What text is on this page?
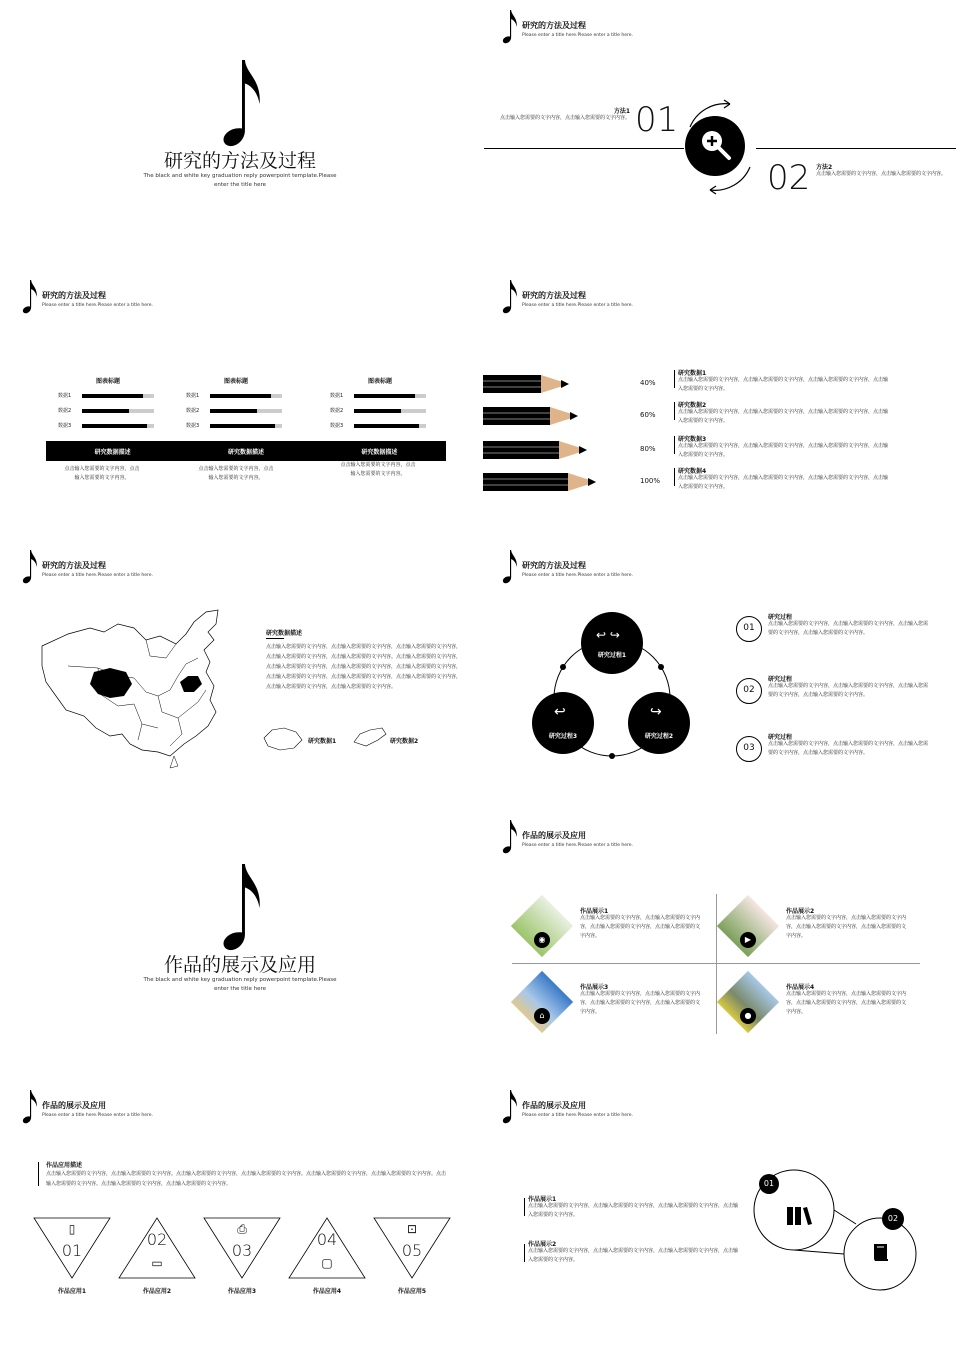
研究的方法及过程
The black and white key graduation reply powerpoint template.Please enter the title here
研究的方法及过程
Please enter a title here.Please enter a title here.
01
方法1
点击输入您需要的文字内容，点击输入您需要的文字内容。
02 方法2
点击输入您需要的文字内容，点击输入您需要的文字内容。
研究的方法及过程
Please enter a title here.Please enter a title here.
图表标题
数据1
数据2
数据3
图表标题
数据1
数据2
数据3
图表标题
数据1
数据2
数据3
研究数据描述	研究数据描述	研究数据描述
点击输入您需要的文字内容，点击输入您需要的文字内容。
点击输入您需要的文字内容，点击输入您需要的文字内容。
点击输入您需要的文字内容，点击输入您需要的文字内容。
研究的方法及过程
Please enter a title here.Please enter a title here.
40%
研究数据1
点击输入您需要的文字内容，点击输入您需要的文字内容，点击输入您需要的文字内容，点击输入您需要的文字内容。
60%
研究数据2
点击输入您需要的文字内容，点击输入您需要的文字内容，点击输入您需要的文字内容，点击输入您需要的文字内容。
80%
研究数据3
点击输入您需要的文字内容，点击输入您需要的文字内容，点击输入您需要的文字内容，点击输入您需要的文字内容。
100%
研究数据4
点击输入您需要的文字内容，点击输入您需要的文字内容，点击输入您需要的文字内容，点击输入您需要的文字内容。
研究的方法及过程
Please enter a title here.Please enter a title here.
研究数据描述
点击输入您需要的文字内容，点击输入您需要的文字内容，点击输入您需要的文字内容，点击输入您需要的文字内容，点击输入您需要的文字内容。点击输入您需要的文字内容，点击输入您需要的文字内容，点击输入您需要的文字内容，点击输入您需要的文字内容，点击输入您需要的文字内容，点击输入您需要的文字内容，点击输入您需要的文字内容，点击输入您需要的文字内容，点击输入您需要的文字内容。
研究数据1	研究数据2
研究的方法及过程
Please enter a title here.Please enter a title here.
↩ ↪
研究过程1
↪
研究过程2
↩
研究过程3
01
研究过程
点击输入您需要的文字内容，点击输入您需要的文字内容，点击输入您需要的文字内容，点击输入您需要的文字内容。
02
研究过程
点击输入您需要的文字内容，点击输入您需要的文字内容，点击输入您需要的文字内容，点击输入您需要的文字内容。
03
研究过程
点击输入您需要的文字内容，点击输入您需要的文字内容，点击输入您需要的文字内容，点击输入您需要的文字内容。
作品的展示及应用
The black and white key graduation reply powerpoint template.Please enter the title here
作品的展示及应用
Please enter a title here.Please enter a title here.
◉
作品展示1
点击输入您需要的文字内容，点击输入您需要的文字内容，点击输入您需要的文字内容，点击输入您需要的文字内容。	▶
作品展示2
点击输入您需要的文字内容，点击输入您需要的文字内容，点击输入您需要的文字内容，点击输入您需要的文字内容。
⌂
作品展示3
点击输入您需要的文字内容，点击输入您需要的文字内容，点击输入您需要的文字内容，点击输入您需要的文字内容。	●
作品展示4
点击输入您需要的文字内容，点击输入您需要的文字内容，点击输入您需要的文字内容，点击输入您需要的文字内容。
作品的展示及应用
Please enter a title here.Please enter a title here.
作品应用描述
点击输入您需要的文字内容，点击输入您需要的文字内容。点击输入您需要的文字内容，点击输入您需要的文字内容。点击输入您需要的文字内容，点击输入您需要的文字内容。点击输入您需要的文字内容。点击输入您需要的文字内容，点击输入您需要的文字内容。
▯
01
作品应用1
▭
02
作品应用2
⎙
03
作品应用3
▢
04
作品应用4
⊡
05
作品应用5
作品的展示及应用
Please enter a title here.Please enter a title here.
作品展示1
点击输入您需要的文字内容，点击输入您需要的文字内容，点击输入您需要的文字内容，点击输入您需要的文字内容。
作品展示2
点击输入您需要的文字内容，点击输入您需要的文字内容，点击输入您需要的文字内容，点击输入您需要的文字内容。
01
02
